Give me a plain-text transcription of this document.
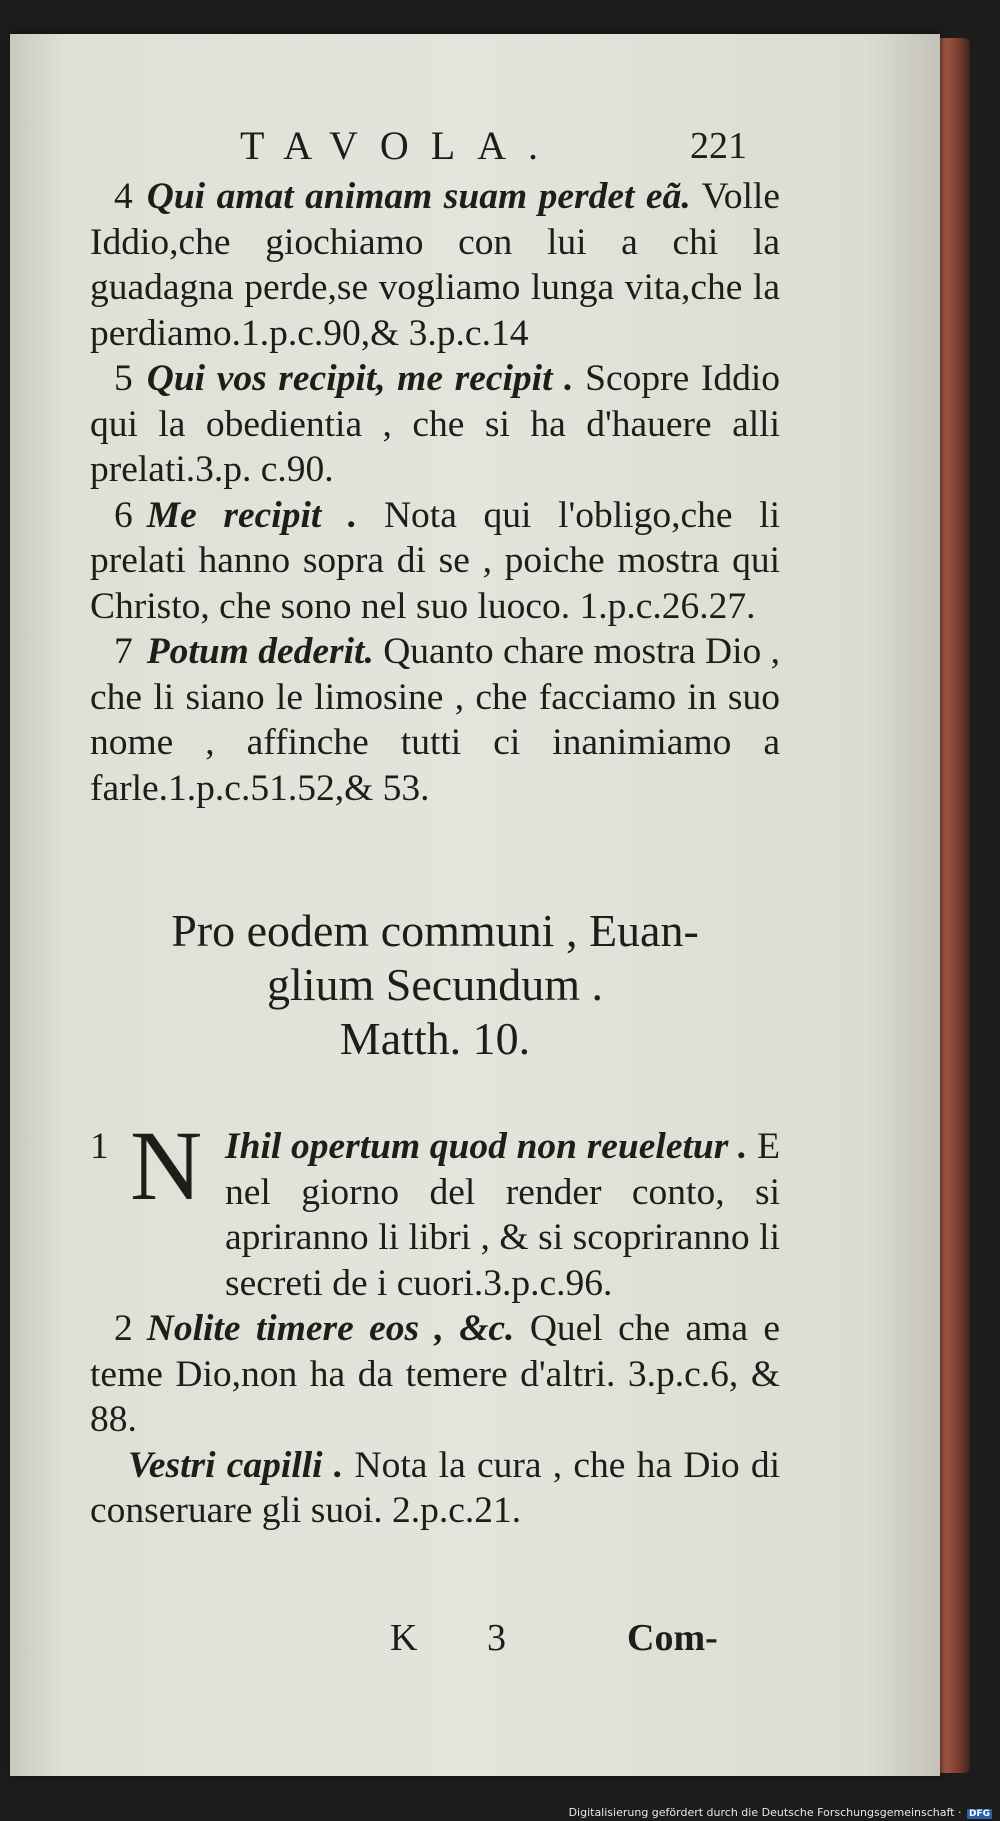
TAVOLA.	221

4 Qui amat animam suam perdet eã. Volle Iddio,che giochiamo con lui a chi la guadagna perde,se vogliamo lunga vita,che la perdiamo.1.p.c.90,& 3.p.c.14

5 Qui vos recipit, me recipit . Scopre Iddio qui la obedientia , che si ha d'hauere alli prelati.3.p. c.90.

6 Me recipit . Nota qui l'obligo,che li prelati hanno sopra di se , poiche mostra qui Christo, che sono nel suo luoco. 1.p.c.26.27.

7 Potum dederit. Quanto chare mostra Dio , che li siano le limosine , che facciamo in suo nome , affinche tutti ci inanimiamo a farle.1.p.c.51.52,& 53.

Pro eodem communi , Euan-
glium Secundum .
Matth. 10.
1 N Ihil opertum quod non reueletur . E nel giorno del render conto, si apriranno li libri , & si scopriranno li secreti de i cuori.3.p.c.96.

2 Nolite timere eos , &c. Quel che ama e teme Dio,non ha da temere d'altri. 3.p.c.6, & 88.

Vestri capilli . Nota la cura , che ha Dio di conseruare gli suoi. 2.p.c.21.

K 3 Com-
Digitalisierung gefördert durch die Deutsche Forschungsgemeinschaft · DFG
